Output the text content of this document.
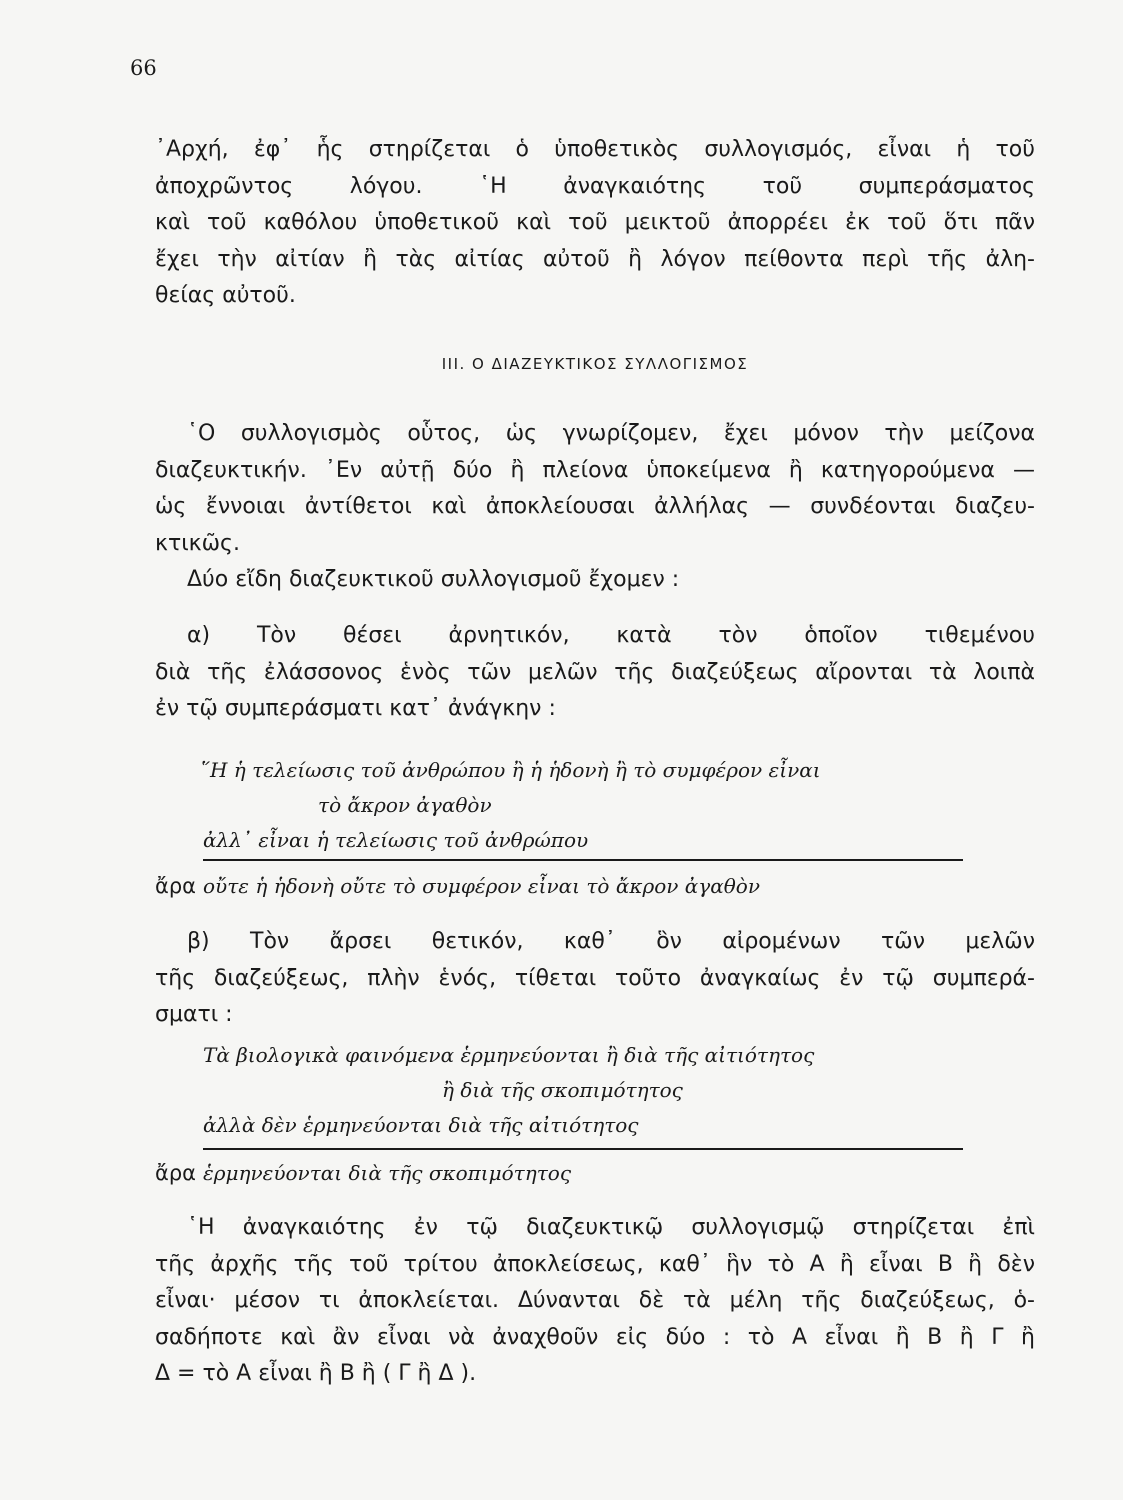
66
᾿Αρχή, ἐφ᾿ ἧς στηρίζεται ὁ ὑποθετικὸς συλλογισμός, εἶναι ἡ τοῦ
ἀποχρῶντος λόγου. ῾Η ἀναγκαιότης τοῦ συμπεράσματος
καὶ τοῦ καθόλου ὑποθετικοῦ καὶ τοῦ μεικτοῦ ἀπορρέει ἐκ τοῦ ὅτι πᾶν
ἔχει τὴν αἰτίαν ἢ τὰς αἰτίας αὐτοῦ ἢ λόγον πείθοντα περὶ τῆς ἀλη-
θείας αὐτοῦ.
III. Ο ΔΙΑΖΕΥΚΤΙΚΟΣ ΣΥΛΛΟΓΙΣΜΟΣ
῾Ο συλλογισμὸς οὗτος, ὡς γνωρίζομεν, ἔχει μόνον τὴν μείζονα
διαζευκτικήν. ᾿Εν αὐτῇ δύο ἢ πλείονα ὑποκείμενα ἢ κατηγορούμενα —
ὡς ἔννοιαι ἀντίθετοι καὶ ἀποκλείουσαι ἀλλήλας — συνδέονται διαζευ-
κτικῶς.
Δύο εἴδη διαζευκτικοῦ συλλογισμοῦ ἔχομεν :
α) Τὸν θέσει ἀρνητικόν, κατὰ τὸν ὁποῖον τιθεμένου
διὰ τῆς ἐλάσσονος ἑνὸς τῶν μελῶν τῆς διαζεύξεως αἴρονται τὰ λοιπὰ
ἐν τῷ συμπεράσματι κατ᾿ ἀνάγκην :
῞Η ἡ τελείωσις τοῦ ἀνθρώπου ἢ ἡ ἡδονὴ ἢ τὸ συμφέρον εἶναι
τὸ ἄκρον ἀγαθὸν
ἀλλ᾿ εἶναι ἡ τελείωσις τοῦ ἀνθρώπου
ἄρα οὔτε ἡ ἡδονὴ οὔτε τὸ συμφέρον εἶναι τὸ ἄκρον ἀγαθὸν
β) Τὸν ἄρσει θετικόν, καθ᾿ ὃν αἰρομένων τῶν μελῶν
τῆς διαζεύξεως, πλὴν ἑνός, τίθεται τοῦτο ἀναγκαίως ἐν τῷ συμπερά-
σματι :
Τὰ βιολογικὰ φαινόμενα ἑρμηνεύονται ἢ διὰ τῆς αἰτιότητος
ἢ διὰ τῆς σκοπιμότητος
ἀλλὰ δὲν ἑρμηνεύονται διὰ τῆς αἰτιότητος
ἄρα ἑρμηνεύονται διὰ τῆς σκοπιμότητος
῾Η ἀναγκαιότης ἐν τῷ διαζευκτικῷ συλλογισμῷ στηρίζεται ἐπὶ
τῆς ἀρχῆς τῆς τοῦ τρίτου ἀποκλείσεως, καθ᾿ ἣν τὸ Α ἢ εἶναι Β ἢ δὲν
εἶναι· μέσον τι ἀποκλείεται. Δύνανται δὲ τὰ μέλη τῆς διαζεύξεως, ὁ-
σαδήποτε καὶ ἂν εἶναι νὰ ἀναχθοῦν εἰς δύο : τὸ Α εἶναι ἢ Β ἢ Γ ἢ
Δ = τὸ Α εἶναι ἢ Β ἢ ( Γ ἢ Δ ).
